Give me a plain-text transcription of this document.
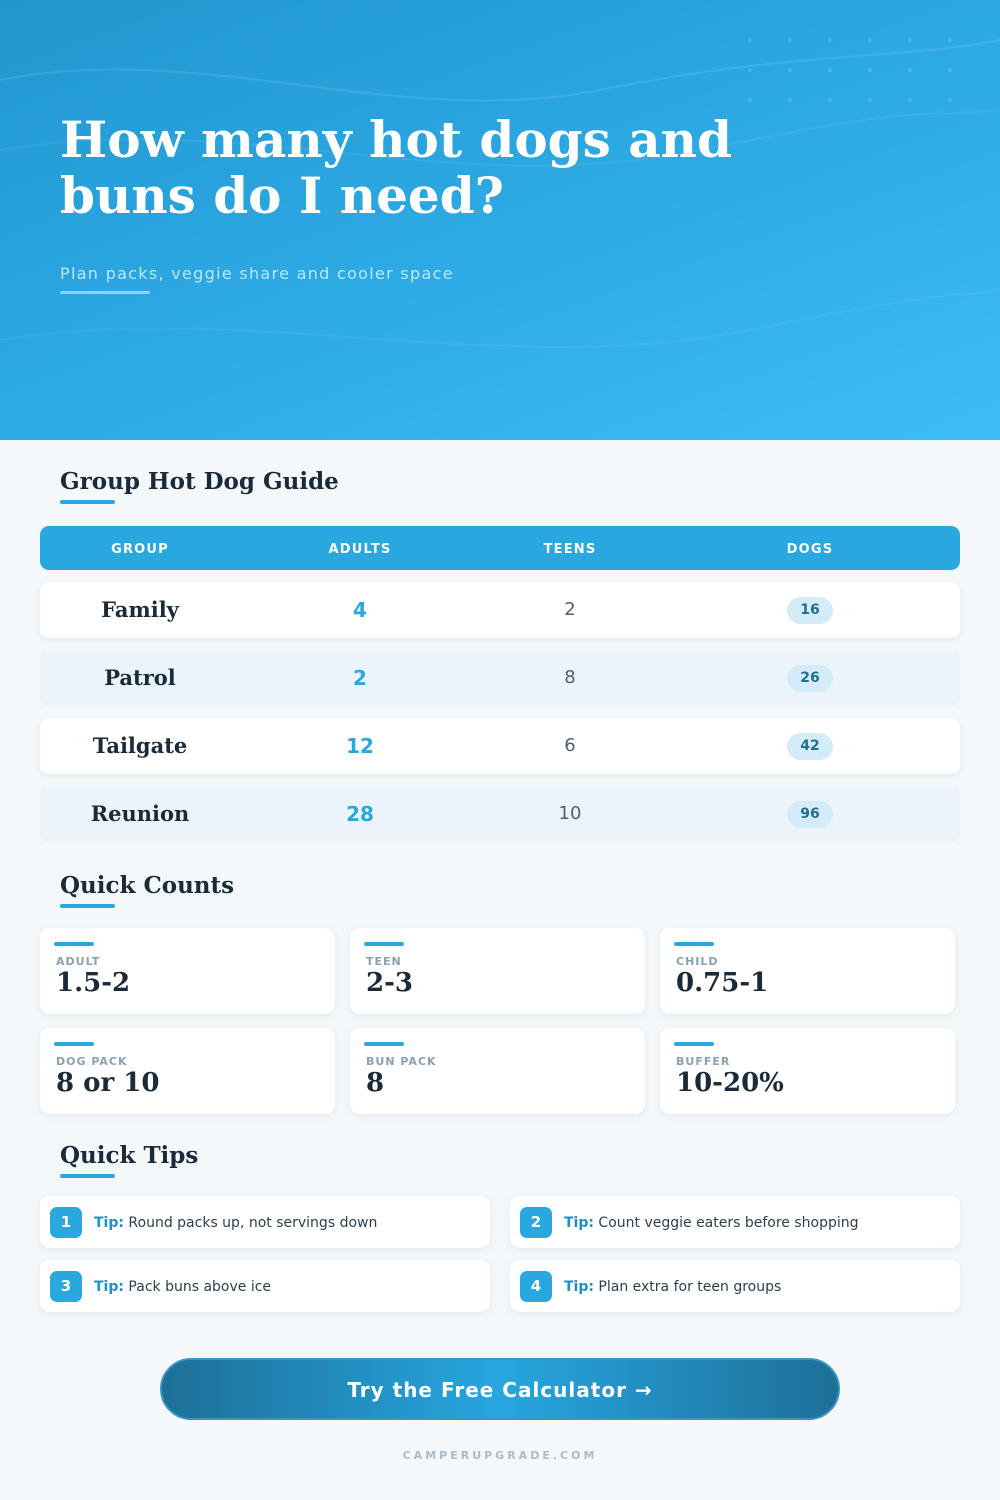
How many hot dogs and buns do I need?

Plan packs, veggie share and cooler space

Group Hot Dog Guide
GROUP	ADULTS	TEENS	DOGS
Family	4	2	16
Patrol	2	8	26
Tailgate	12	6	42
Reunion	28	10	96
Quick Counts
ADULT
1.5-2
TEEN
2-3
CHILD
0.75-1
DOG PACK
8 or 10
BUN PACK
8
BUFFER
10-20%
Quick Tips
1	Tip: Round packs up, not servings down	2	Tip: Count veggie eaters before shopping
3	Tip: Pack buns above ice	4	Tip: Plan extra for teen groups
Try the Free Calculator →
CAMPERUPGRADE.COM
